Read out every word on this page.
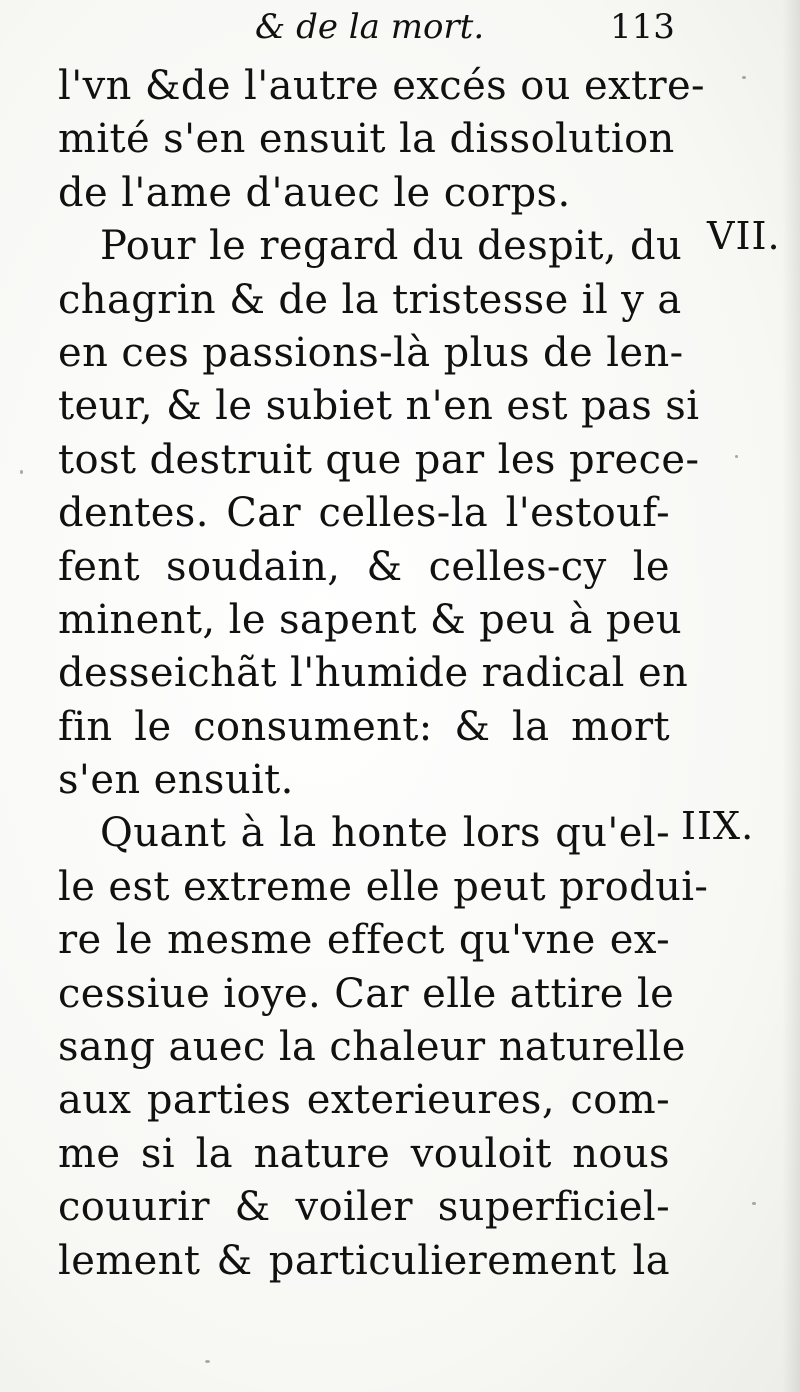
& de la mort.	113
l'vn &de l'autre excés ou extre-
mité s'en ensuit la dissolution
de l'ame d'auec le corps.
Pour le regard du despit, du
chagrin & de la tristesse il y a
en ces passions-là plus de len-
teur, & le subiet n'en est pas si
tost destruit que par les prece-
dentes. Car celles-la l'estouf-
fent soudain, & celles-cy le
minent, le sapent & peu à peu
desseichãt l'humide radical en
fin le consument: & la mort
s'en ensuit.
Quant à la honte lors qu'el-
le est extreme elle peut produi-
re le mesme effect qu'vne ex-
cessiue ioye. Car elle attire le
sang auec la chaleur naturelle
aux parties exterieures, com-
me si la nature vouloit nous
couurir & voiler superficiel-
lement & particulierement la
VII.
IIX.
